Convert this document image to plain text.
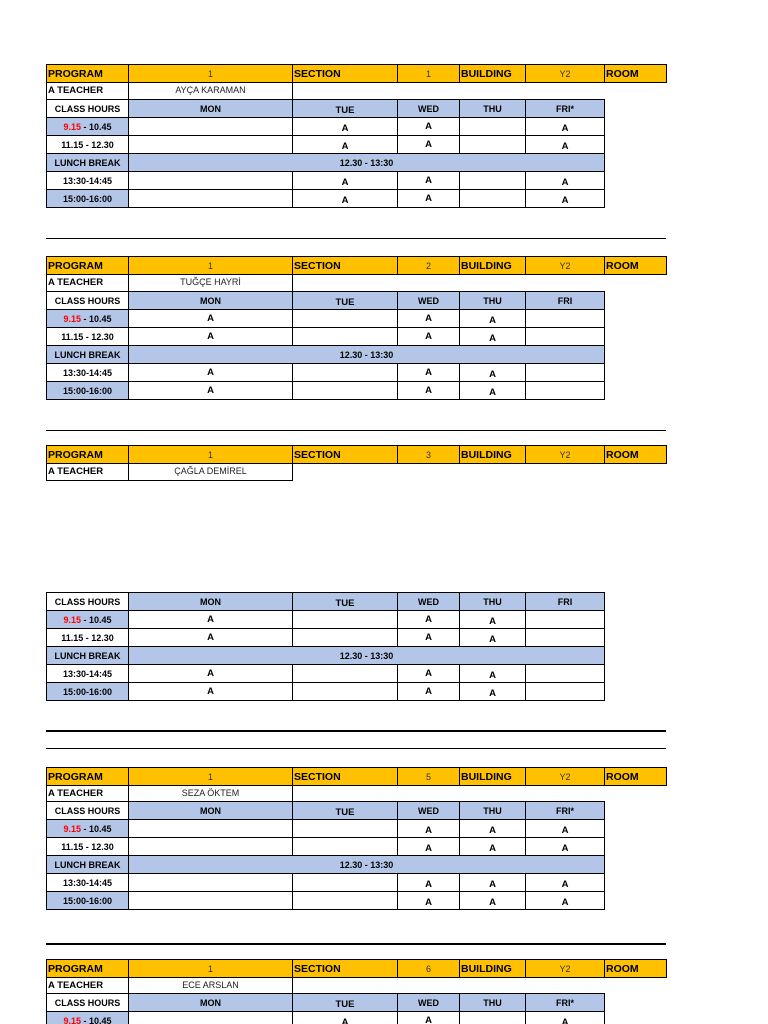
PROGRAM	1	SECTION	1	BUILDING	Y2	ROOM
A TEACHER	AYÇA KARAMAN
CLASS HOURS	MON	TUE	WED	THU	FRI*
9.15 - 10.45		A	A		A
11.15 - 12.30		A	A		A
LUNCH BREAK	12.30 - 13:30				
13:30-14:45		A	A		A
15:00-16:00		A	A		A
PROGRAM	1	SECTION	2	BUILDING	Y2	ROOM
A TEACHER	TUĞÇE HAYRİ
CLASS HOURS	MON	TUE	WED	THU	FRI
9.15 - 10.45	A		A	A	
11.15 - 12.30	A		A	A	
LUNCH BREAK	12.30 - 13:30				
13:30-14:45	A		A	A	
15:00-16:00	A		A	A	
PROGRAM	1	SECTION	3	BUILDING	Y2	ROOM
A TEACHER	ÇAĞLA DEMİREL
CLASS HOURS	MON	TUE	WED	THU	FRI
9.15 - 10.45	A		A	A	
11.15 - 12.30	A		A	A	
LUNCH BREAK	12.30 - 13:30				
13:30-14:45	A		A	A	
15:00-16:00	A		A	A	
PROGRAM	1	SECTION	5	BUILDING	Y2	ROOM
A TEACHER	SEZA ÖKTEM
CLASS HOURS	MON	TUE	WED	THU	FRI*
9.15 - 10.45			A	A	A
11.15 - 12.30			A	A	A
LUNCH BREAK	12.30 - 13:30				
13:30-14:45			A	A	A
15:00-16:00			A	A	A
PROGRAM	1	SECTION	6	BUILDING	Y2	ROOM
A TEACHER	ECE ARSLAN
CLASS HOURS	MON	TUE	WED	THU	FRI*
9.15 - 10.45		A	A		A
